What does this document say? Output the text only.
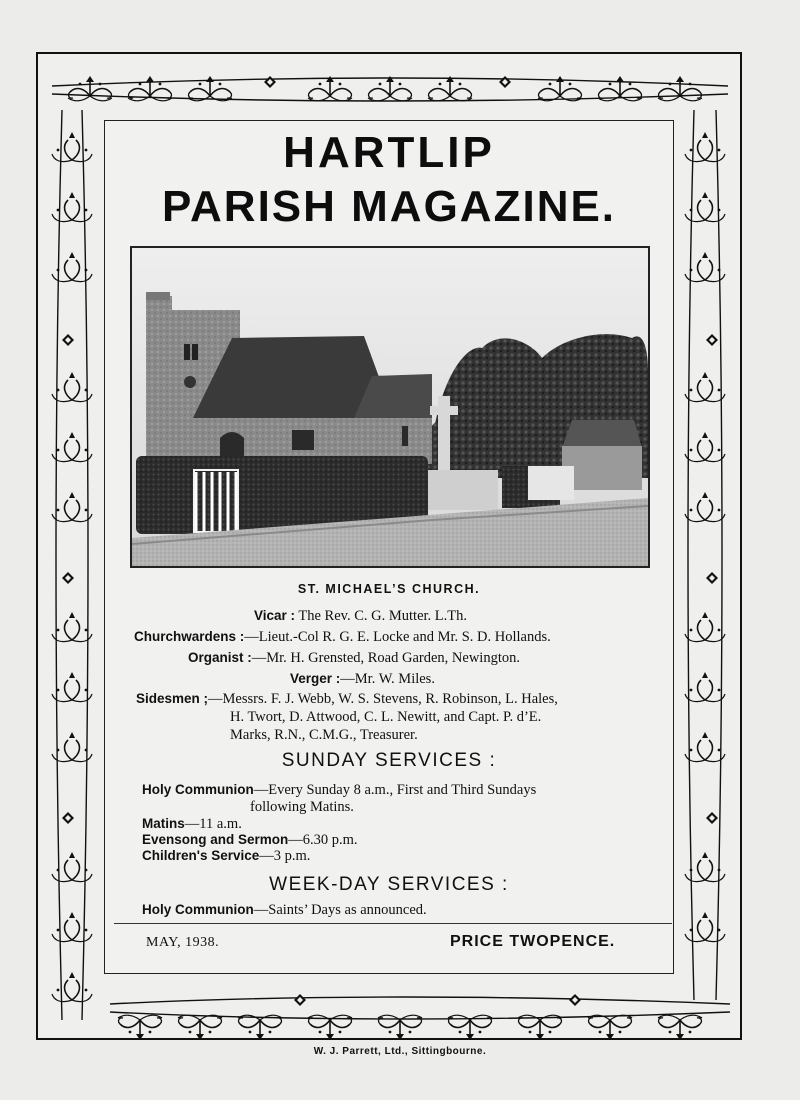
HARTLIP
PARISH MAGAZINE.
ST. MICHAEL’S CHURCH.
Vicar : The Rev. C. G. Mutter. L.Th.
Churchwardens :—Lieut.-Col R. G. E. Locke and Mr. S. D. Hollands.
Organist :—Mr. H. Grensted, Road Garden, Newington.
Verger :—Mr. W. Miles.
Sidesmen ;—Messrs. F. J. Webb, W. S. Stevens, R. Robinson, L. Hales,
H. Twort, D. Attwood, C. L. Newitt, and Capt. P. d’E.
Marks, R.N., C.M.G., Treasurer.
SUNDAY SERVICES :
Holy Communion—Every Sunday 8 a.m., First and Third Sundays
following Matins.
Matins—11 a.m.
Evensong and Sermon—6.30 p.m.
Children's Service—3 p.m.
WEEK-DAY SERVICES :
Holy Communion—Saints’ Days as announced.
MAY, 1938.	PRICE TWOPENCE.
W. J. Parrett, Ltd., Sittingbourne.
